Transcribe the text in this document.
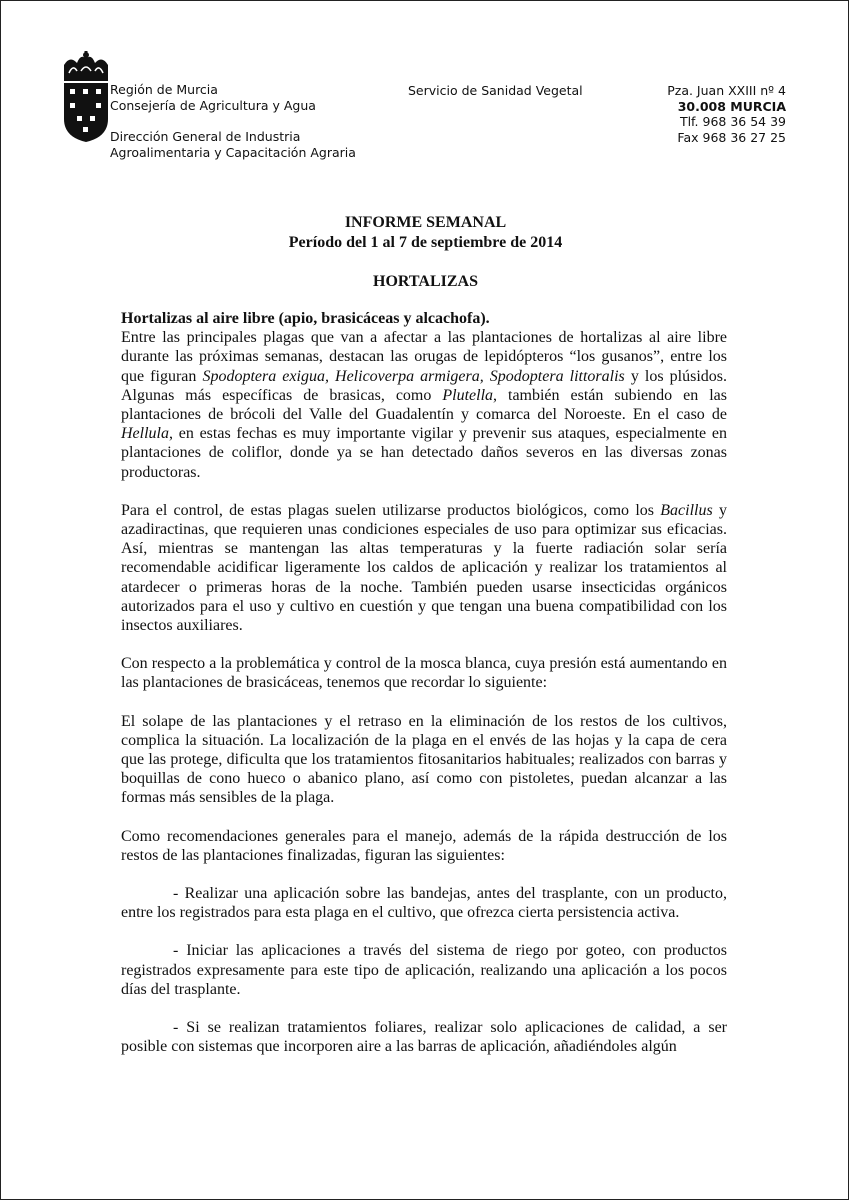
Región de Murcia
Consejería de Agricultura y Agua
Dirección General de Industria
Agroalimentaria y Capacitación Agraria
Servicio de Sanidad Vegetal	Pza. Juan XXIII nº 4
30.008 MURCIA
Tlf. 968 36 54 39
Fax 968 36 27 25
INFORME SEMANAL
Período del 1 al 7 de septiembre de 2014
HORTALIZAS

Hortalizas al aire libre (apio, brasicáceas y alcachofa).

Entre las principales plagas que van a afectar a las plantaciones de hortalizas al aire libre durante las próximas semanas, destacan las orugas de lepidópteros “los gusanos”, entre los que figuran Spodoptera exigua, Helicoverpa armigera, Spodoptera littoralis y los plúsidos. Algunas más específicas de brasicas, como Plutella, también están subiendo en las plantaciones de brócoli del Valle del Guadalentín y comarca del Noroeste. En el caso de Hellula, en estas fechas es muy importante vigilar y prevenir sus ataques, especialmente en plantaciones de coliflor, donde ya se han detectado daños severos en las diversas zonas productoras.

Para el control, de estas plagas suelen utilizarse productos biológicos, como los Bacillus y azadiractinas, que requieren unas condiciones especiales de uso para optimizar sus eficacias. Así, mientras se mantengan las altas temperaturas y la fuerte radiación solar sería recomendable acidificar ligeramente los caldos de aplicación y realizar los tratamientos al atardecer o primeras horas de la noche. También pueden usarse insecticidas orgánicos autorizados para el uso y cultivo en cuestión y que tengan una buena compatibilidad con los insectos auxiliares.

Con respecto a la problemática y control de la mosca blanca, cuya presión está aumentando en las plantaciones de brasicáceas, tenemos que recordar lo siguiente:

El solape de las plantaciones y el retraso en la eliminación de los restos de los cultivos, complica la situación. La localización de la plaga en el envés de las hojas y la capa de cera que las protege, dificulta que los tratamientos fitosanitarios habituales; realizados con barras y boquillas de cono hueco o abanico plano, así como con pistoletes, puedan alcanzar a las formas más sensibles de la plaga.

Como recomendaciones generales para el manejo, además de la rápida destrucción de los restos de las plantaciones finalizadas, figuran las siguientes:

- Realizar una aplicación sobre las bandejas, antes del trasplante, con un producto, entre los registrados para esta plaga en el cultivo, que ofrezca cierta persistencia activa.

- Iniciar las aplicaciones a través del sistema de riego por goteo, con productos registrados expresamente para este tipo de aplicación, realizando una aplicación a los pocos días del trasplante.

- Si se realizan tratamientos foliares, realizar solo aplicaciones de calidad, a ser posible con sistemas que incorporen aire a las barras de aplicación, añadiéndoles algún
